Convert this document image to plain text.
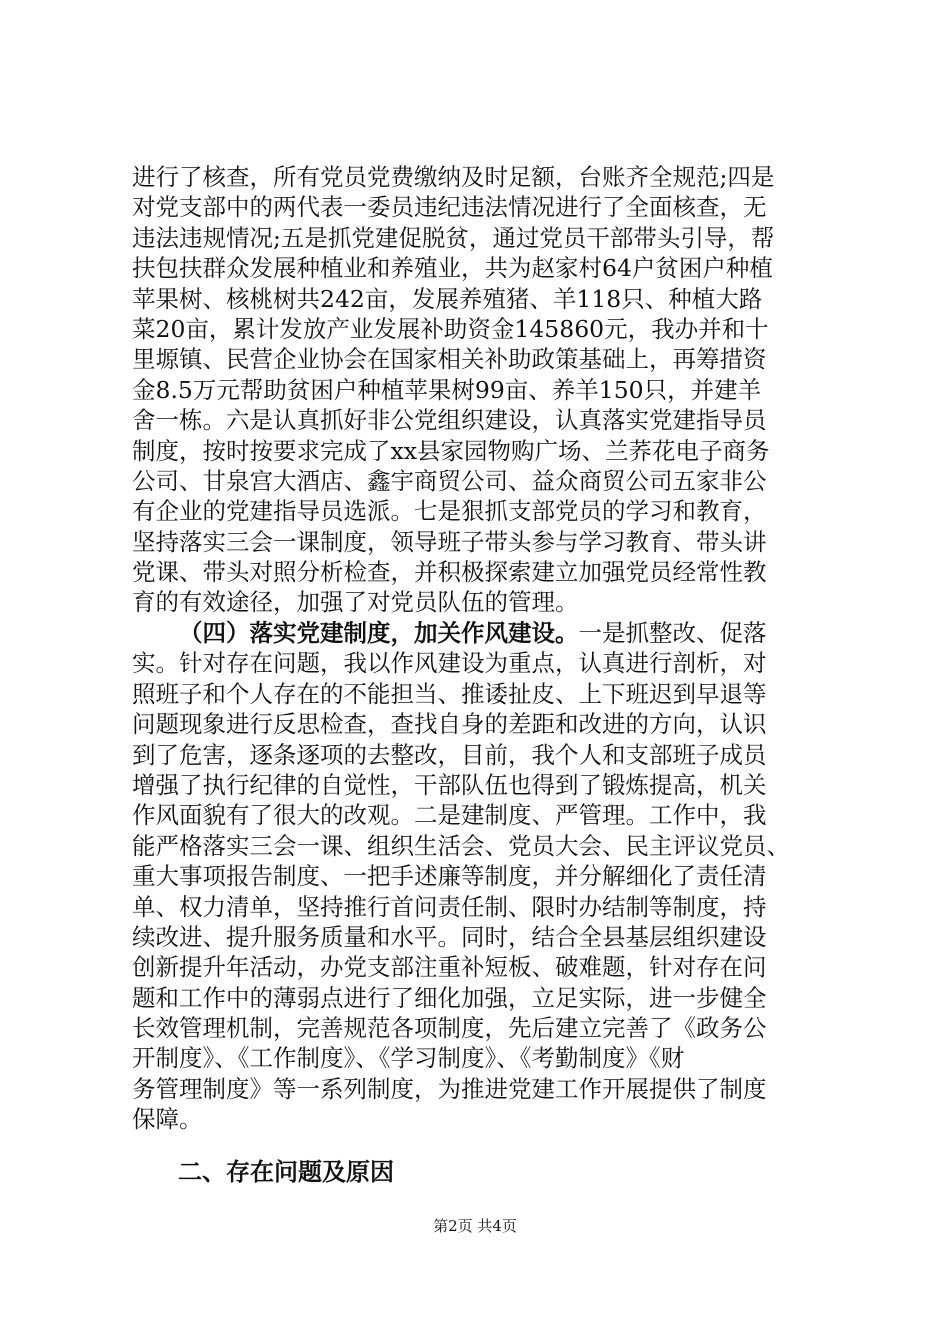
进行了核查，所有党员党费缴纳及时足额，台账齐全规范;四是
对党支部中的两代表一委员违纪违法情况进行了全面核查，无
违法违规情况;五是抓党建促脱贫，通过党员干部带头引导，帮
扶包扶群众发展种植业和养殖业，共为赵家村64户贫困户种植
苹果树、核桃树共242亩，发展养殖猪、羊118只、种植大路
菜20亩，累计发放产业发展补助资金145860元，我办并和十
里塬镇、民营企业协会在国家相关补助政策基础上，再筹措资
金8.5万元帮助贫困户种植苹果树99亩、养羊150只，并建羊
舍一栋。六是认真抓好非公党组织建设，认真落实党建指导员
制度，按时按要求完成了xx县家园物购广场、兰荞花电子商务
公司、甘泉宫大酒店、鑫宇商贸公司、益众商贸公司五家非公
有企业的党建指导员选派。七是狠抓支部党员的学习和教育，
坚持落实三会一课制度，领导班子带头参与学习教育、带头讲
党课、带头对照分析检查，并积极探索建立加强党员经常性教
育的有效途径，加强了对党员队伍的管理。
（四）落实党建制度，加关作风建设。一是抓整改、促落
实。针对存在问题，我以作风建设为重点，认真进行剖析，对
照班子和个人存在的不能担当、推诿扯皮、上下班迟到早退等
问题现象进行反思检查，查找自身的差距和改进的方向，认识
到了危害，逐条逐项的去整改，目前，我个人和支部班子成员
增强了执行纪律的自觉性，干部队伍也得到了锻炼提高，机关
作风面貌有了很大的改观。二是建制度、严管理。工作中，我
能严格落实三会一课、组织生活会、党员大会、民主评议党员、
重大事项报告制度、一把手述廉等制度，并分解细化了责任清
单、权力清单，坚持推行首问责任制、限时办结制等制度，持
续改进、提升服务质量和水平。同时，结合全县基层组织建设
创新提升年活动，办党支部注重补短板、破难题，针对存在问
题和工作中的薄弱点进行了细化加强，立足实际，进一步健全
长效管理机制，完善规范各项制度，先后建立完善了《政务公
开制度》、《工作制度》、《学习制度》、《考勤制度》《财
务管理制度》等一系列制度，为推进党建工作开展提供了制度
保障。
二、存在问题及原因
第2页 共4页
